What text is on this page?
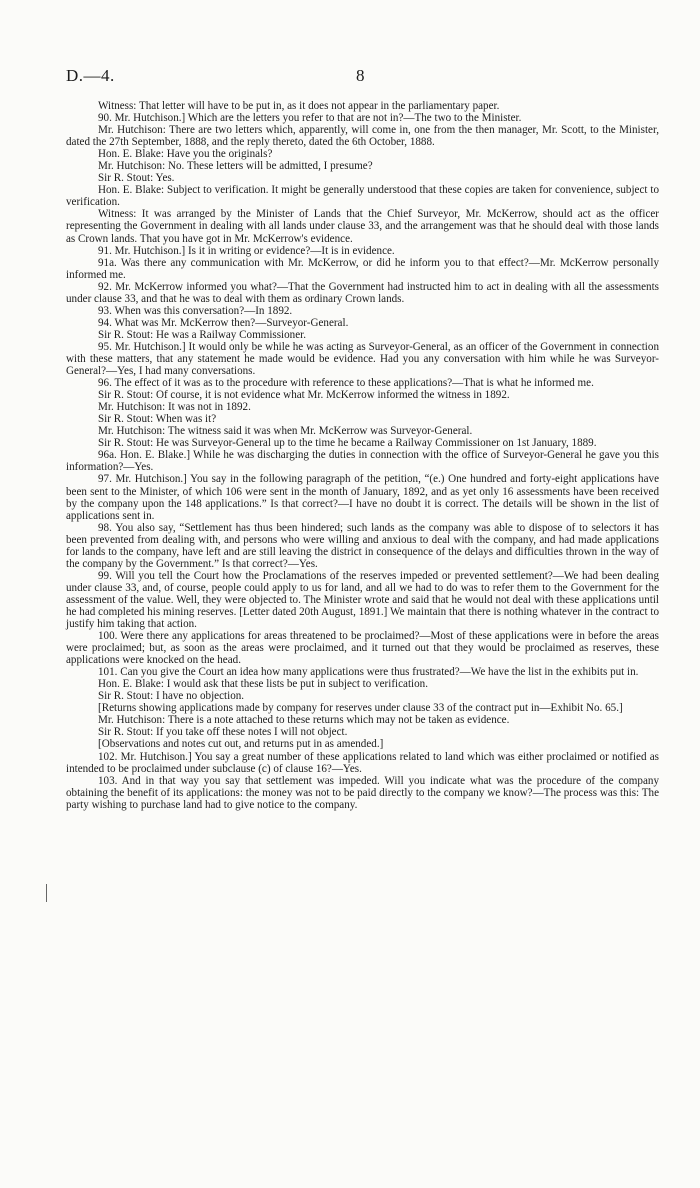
D.—4.	8

Witness: That letter will have to be put in, as it does not appear in the parliamentary paper.

90. Mr. Hutchison.] Which are the letters you refer to that are not in?—The two to the Minister.

Mr. Hutchison: There are two letters which, apparently, will come in, one from the then manager, Mr. Scott, to the Minister, dated the 27th September, 1888, and the reply thereto, dated the 6th October, 1888.

Hon. E. Blake: Have you the originals?

Mr. Hutchison: No. These letters will be admitted, I presume?

Sir R. Stout: Yes.

Hon. E. Blake: Subject to verification. It might be generally understood that these copies are taken for convenience, subject to verification.

Witness: It was arranged by the Minister of Lands that the Chief Surveyor, Mr. McKerrow, should act as the officer representing the Government in dealing with all lands under clause 33, and the arrangement was that he should deal with those lands as Crown lands. That you have got in Mr. McKerrow's evidence.

91. Mr. Hutchison.] Is it in writing or evidence?—It is in evidence.

91a. Was there any communication with Mr. McKerrow, or did he inform you to that effect?—Mr. McKerrow personally informed me.

92. Mr. McKerrow informed you what?—That the Government had instructed him to act in dealing with all the assessments under clause 33, and that he was to deal with them as ordinary Crown lands.

93. When was this conversation?—In 1892.

94. What was Mr. McKerrow then?—Surveyor-General.

Sir R. Stout: He was a Railway Commissioner.

95. Mr. Hutchison.] It would only be while he was acting as Surveyor-General, as an officer of the Government in connection with these matters, that any statement he made would be evidence. Had you any conversation with him while he was Surveyor-General?—Yes, I had many conversations.

96. The effect of it was as to the procedure with reference to these applications?—That is what he informed me.

Sir R. Stout: Of course, it is not evidence what Mr. McKerrow informed the witness in 1892.

Mr. Hutchison: It was not in 1892.

Sir R. Stout: When was it?

Mr. Hutchison: The witness said it was when Mr. McKerrow was Surveyor-General.

Sir R. Stout: He was Surveyor-General up to the time he became a Railway Commissioner on 1st January, 1889.

96a. Hon. E. Blake.] While he was discharging the duties in connection with the office of Surveyor-General he gave you this information?—Yes.

97. Mr. Hutchison.] You say in the following paragraph of the petition, “(e.) One hundred and forty-eight applications have been sent to the Minister, of which 106 were sent in the month of January, 1892, and as yet only 16 assessments have been received by the company upon the 148 applications.” Is that correct?—I have no doubt it is correct. The details will be shown in the list of applications sent in.

98. You also say, “Settlement has thus been hindered; such lands as the company was able to dispose of to selectors it has been prevented from dealing with, and persons who were willing and anxious to deal with the company, and had made applications for lands to the company, have left and are still leaving the district in consequence of the delays and difficulties thrown in the way of the company by the Government.” Is that correct?—Yes.

99. Will you tell the Court how the Proclamations of the reserves impeded or prevented settlement?—We had been dealing under clause 33, and, of course, people could apply to us for land, and all we had to do was to refer them to the Government for the assessment of the value. Well, they were objected to. The Minister wrote and said that he would not deal with these applications until he had completed his mining reserves. [Letter dated 20th August, 1891.] We maintain that there is nothing whatever in the contract to justify him taking that action.

100. Were there any applications for areas threatened to be proclaimed?—Most of these applications were in before the areas were proclaimed; but, as soon as the areas were proclaimed, and it turned out that they would be proclaimed as reserves, these applications were knocked on the head.

101. Can you give the Court an idea how many applications were thus frustrated?—We have the list in the exhibits put in.

Hon. E. Blake: I would ask that these lists be put in subject to verification.

Sir R. Stout: I have no objection.

[Returns showing applications made by company for reserves under clause 33 of the contract put in—Exhibit No. 65.]

Mr. Hutchison: There is a note attached to these returns which may not be taken as evidence.

Sir R. Stout: If you take off these notes I will not object.

[Observations and notes cut out, and returns put in as amended.]

102. Mr. Hutchison.] You say a great number of these applications related to land which was either proclaimed or notified as intended to be proclaimed under subclause (c) of clause 16?—Yes.

103. And in that way you say that settlement was impeded. Will you indicate what was the procedure of the company obtaining the benefit of its applications: the money was not to be paid directly to the company we know?—The process was this: The party wishing to purchase land had to give notice to the company.
